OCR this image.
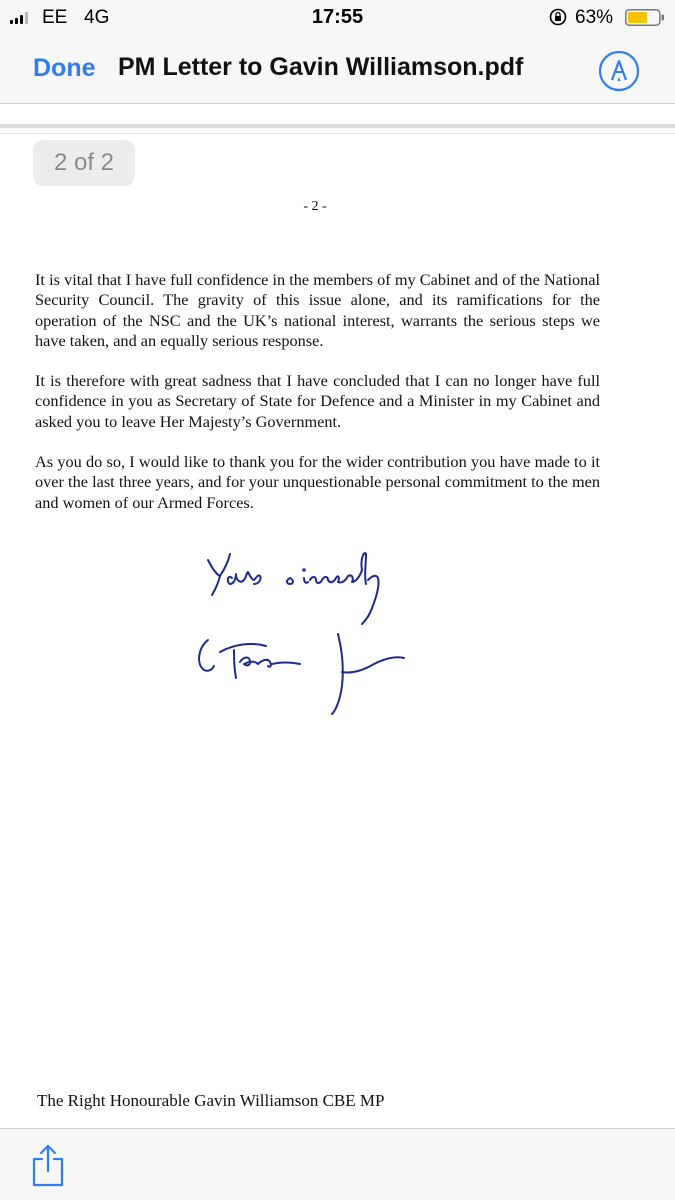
EE 4G	17:55	63%
Done PM Letter to Gavin Williamson.pdf
2 of 2
- 2 -

It is vital that I have full confidence in the members of my Cabinet and of the National Security Council. The gravity of this issue alone, and its ramifications for the operation of the NSC and the UK’s national interest, warrants the serious steps we have taken, and an equally serious response.

It is therefore with great sadness that I have concluded that I can no longer have full confidence in you as Secretary of State for Defence and a Minister in my Cabinet and asked you to leave Her Majesty’s Government.

As you do so, I would like to thank you for the wider contribution you have made to it over the last three years, and for your unquestionable personal commitment to the men and women of our Armed Forces.

The Right Honourable Gavin Williamson CBE MP
